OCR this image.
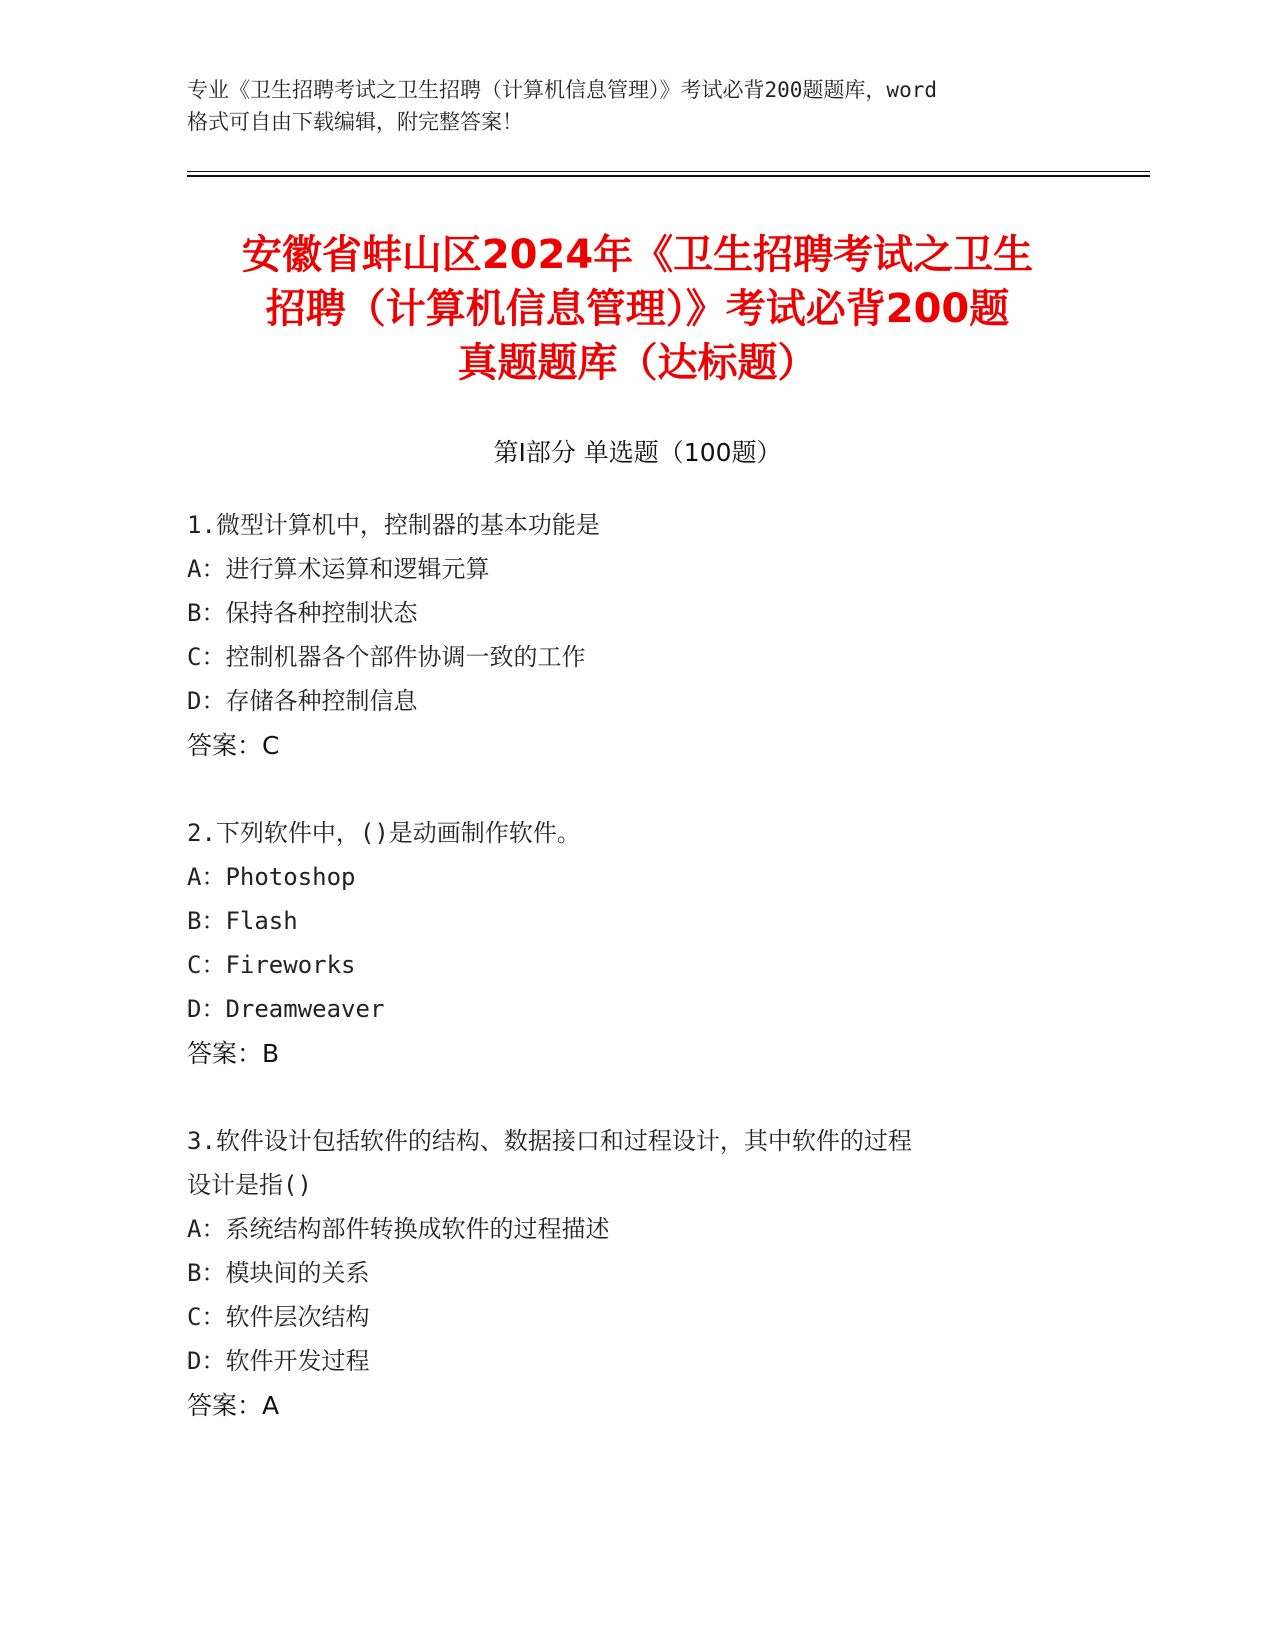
专业《卫生招聘考试之卫生招聘（计算机信息管理）》考试必背200题题库，word
格式可自由下载编辑，附完整答案！
安徽省蚌山区2024年《卫生招聘考试之卫生
招聘（计算机信息管理）》考试必背200题
真题题库（达标题）
第Ⅰ部分 单选题（100题）
1.微型计算机中，控制器的基本功能是
A：进行算术运算和逻辑元算
B：保持各种控制状态
C：控制机器各个部件协调一致的工作
D：存储各种控制信息
答案：C
2.下列软件中，()是动画制作软件。
A：Photoshop
B：Flash
C：Fireworks
D：Dreamweaver
答案：B
3.软件设计包括软件的结构、数据接口和过程设计，其中软件的过程
设计是指()
A：系统结构部件转换成软件的过程描述
B：模块间的关系
C：软件层次结构
D：软件开发过程
答案：A
